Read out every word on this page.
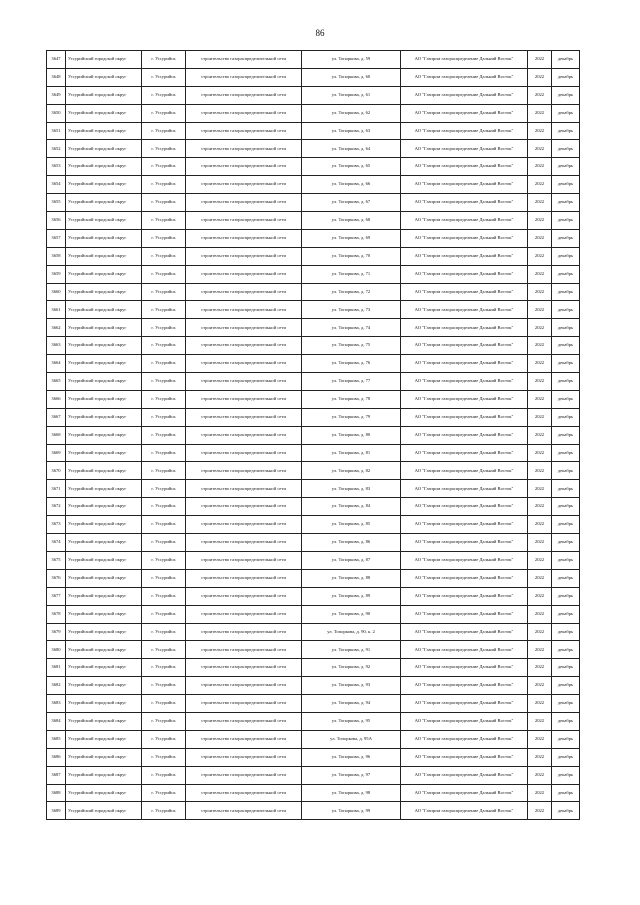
86
3647	Уссурийский городской округ	г. Уссурийск	строительство газораспределительной сети	ул. Топоркова, д. 59	АО "Газпром газораспределение Дальний Восток"	2022	декабрь
3648	Уссурийский городской округ	г. Уссурийск	строительство газораспределительной сети	ул. Топоркова, д. 60	АО "Газпром газораспределение Дальний Восток"	2022	декабрь
3649	Уссурийский городской округ	г. Уссурийск	строительство газораспределительной сети	ул. Топоркова, д. 61	АО "Газпром газораспределение Дальний Восток"	2022	декабрь
3650	Уссурийский городской округ	г. Уссурийск	строительство газораспределительной сети	ул. Топоркова, д. 62	АО "Газпром газораспределение Дальний Восток"	2022	декабрь
3651	Уссурийский городской округ	г. Уссурийск	строительство газораспределительной сети	ул. Топоркова, д. 63	АО "Газпром газораспределение Дальний Восток"	2022	декабрь
3652	Уссурийский городской округ	г. Уссурийск	строительство газораспределительной сети	ул. Топоркова, д. 64	АО "Газпром газораспределение Дальний Восток"	2022	декабрь
3653	Уссурийский городской округ	г. Уссурийск	строительство газораспределительной сети	ул. Топоркова, д. 65	АО "Газпром газораспределение Дальний Восток"	2022	декабрь
3654	Уссурийский городской округ	г. Уссурийск	строительство газораспределительной сети	ул. Топоркова, д. 66	АО "Газпром газораспределение Дальний Восток"	2022	декабрь
3655	Уссурийский городской округ	г. Уссурийск	строительство газораспределительной сети	ул. Топоркова, д. 67	АО "Газпром газораспределение Дальний Восток"	2022	декабрь
3656	Уссурийский городской округ	г. Уссурийск	строительство газораспределительной сети	ул. Топоркова, д. 68	АО "Газпром газораспределение Дальний Восток"	2022	декабрь
3657	Уссурийский городской округ	г. Уссурийск	строительство газораспределительной сети	ул. Топоркова, д. 69	АО "Газпром газораспределение Дальний Восток"	2022	декабрь
3658	Уссурийский городской округ	г. Уссурийск	строительство газораспределительной сети	ул. Топоркова, д. 70	АО "Газпром газораспределение Дальний Восток"	2022	декабрь
3659	Уссурийский городской округ	г. Уссурийск	строительство газораспределительной сети	ул. Топоркова, д. 71	АО "Газпром газораспределение Дальний Восток"	2022	декабрь
3660	Уссурийский городской округ	г. Уссурийск	строительство газораспределительной сети	ул. Топоркова, д. 72	АО "Газпром газораспределение Дальний Восток"	2022	декабрь
3661	Уссурийский городской округ	г. Уссурийск	строительство газораспределительной сети	ул. Топоркова, д. 73	АО "Газпром газораспределение Дальний Восток"	2022	декабрь
3662	Уссурийский городской округ	г. Уссурийск	строительство газораспределительной сети	ул. Топоркова, д. 74	АО "Газпром газораспределение Дальний Восток"	2022	декабрь
3663	Уссурийский городской округ	г. Уссурийск	строительство газораспределительной сети	ул. Топоркова, д. 75	АО "Газпром газораспределение Дальний Восток"	2022	декабрь
3664	Уссурийский городской округ	г. Уссурийск	строительство газораспределительной сети	ул. Топоркова, д. 76	АО "Газпром газораспределение Дальний Восток"	2022	декабрь
3665	Уссурийский городской округ	г. Уссурийск	строительство газораспределительной сети	ул. Топоркова, д. 77	АО "Газпром газораспределение Дальний Восток"	2022	декабрь
3666	Уссурийский городской округ	г. Уссурийск	строительство газораспределительной сети	ул. Топоркова, д. 78	АО "Газпром газораспределение Дальний Восток"	2022	декабрь
3667	Уссурийский городской округ	г. Уссурийск	строительство газораспределительной сети	ул. Топоркова, д. 79	АО "Газпром газораспределение Дальний Восток"	2022	декабрь
3668	Уссурийский городской округ	г. Уссурийск	строительство газораспределительной сети	ул. Топоркова, д. 80	АО "Газпром газораспределение Дальний Восток"	2022	декабрь
3669	Уссурийский городской округ	г. Уссурийск	строительство газораспределительной сети	ул. Топоркова, д. 81	АО "Газпром газораспределение Дальний Восток"	2022	декабрь
3670	Уссурийский городской округ	г. Уссурийск	строительство газораспределительной сети	ул. Топоркова, д. 82	АО "Газпром газораспределение Дальний Восток"	2022	декабрь
3671	Уссурийский городской округ	г. Уссурийск	строительство газораспределительной сети	ул. Топоркова, д. 83	АО "Газпром газораспределение Дальний Восток"	2022	декабрь
3672	Уссурийский городской округ	г. Уссурийск	строительство газораспределительной сети	ул. Топоркова, д. 84	АО "Газпром газораспределение Дальний Восток"	2022	декабрь
3673	Уссурийский городской округ	г. Уссурийск	строительство газораспределительной сети	ул. Топоркова, д. 85	АО "Газпром газораспределение Дальний Восток"	2022	декабрь
3674	Уссурийский городской округ	г. Уссурийск	строительство газораспределительной сети	ул. Топоркова, д. 86	АО "Газпром газораспределение Дальний Восток"	2022	декабрь
3675	Уссурийский городской округ	г. Уссурийск	строительство газораспределительной сети	ул. Топоркова, д. 87	АО "Газпром газораспределение Дальний Восток"	2022	декабрь
3676	Уссурийский городской округ	г. Уссурийск	строительство газораспределительной сети	ул. Топоркова, д. 88	АО "Газпром газораспределение Дальний Восток"	2022	декабрь
3677	Уссурийский городской округ	г. Уссурийск	строительство газораспределительной сети	ул. Топоркова, д. 89	АО "Газпром газораспределение Дальний Восток"	2022	декабрь
3678	Уссурийский городской округ	г. Уссурийск	строительство газораспределительной сети	ул. Топоркова, д. 90	АО "Газпром газораспределение Дальний Восток"	2022	декабрь
3679	Уссурийский городской округ	г. Уссурийск	строительство газораспределительной сети	ул. Топоркова, д. 90, к. 2	АО "Газпром газораспределение Дальний Восток"	2022	декабрь
3680	Уссурийский городской округ	г. Уссурийск	строительство газораспределительной сети	ул. Топоркова, д. 91	АО "Газпром газораспределение Дальний Восток"	2022	декабрь
3681	Уссурийский городской округ	г. Уссурийск	строительство газораспределительной сети	ул. Топоркова, д. 92	АО "Газпром газораспределение Дальний Восток"	2022	декабрь
3682	Уссурийский городской округ	г. Уссурийск	строительство газораспределительной сети	ул. Топоркова, д. 93	АО "Газпром газораспределение Дальний Восток"	2022	декабрь
3683	Уссурийский городской округ	г. Уссурийск	строительство газораспределительной сети	ул. Топоркова, д. 94	АО "Газпром газораспределение Дальний Восток"	2022	декабрь
3684	Уссурийский городской округ	г. Уссурийск	строительство газораспределительной сети	ул. Топоркова, д. 95	АО "Газпром газораспределение Дальний Восток"	2022	декабрь
3685	Уссурийский городской округ	г. Уссурийск	строительство газораспределительной сети	ул. Топоркова, д. 95А	АО "Газпром газораспределение Дальний Восток"	2022	декабрь
3686	Уссурийский городской округ	г. Уссурийск	строительство газораспределительной сети	ул. Топоркова, д. 96	АО "Газпром газораспределение Дальний Восток"	2022	декабрь
3687	Уссурийский городской округ	г. Уссурийск	строительство газораспределительной сети	ул. Топоркова, д. 97	АО "Газпром газораспределение Дальний Восток"	2022	декабрь
3688	Уссурийский городской округ	г. Уссурийск	строительство газораспределительной сети	ул. Топоркова, д. 98	АО "Газпром газораспределение Дальний Восток"	2022	декабрь
3689	Уссурийский городской округ	г. Уссурийск	строительство газораспределительной сети	ул. Топоркова, д. 99	АО "Газпром газораспределение Дальний Восток"	2022	декабрь
